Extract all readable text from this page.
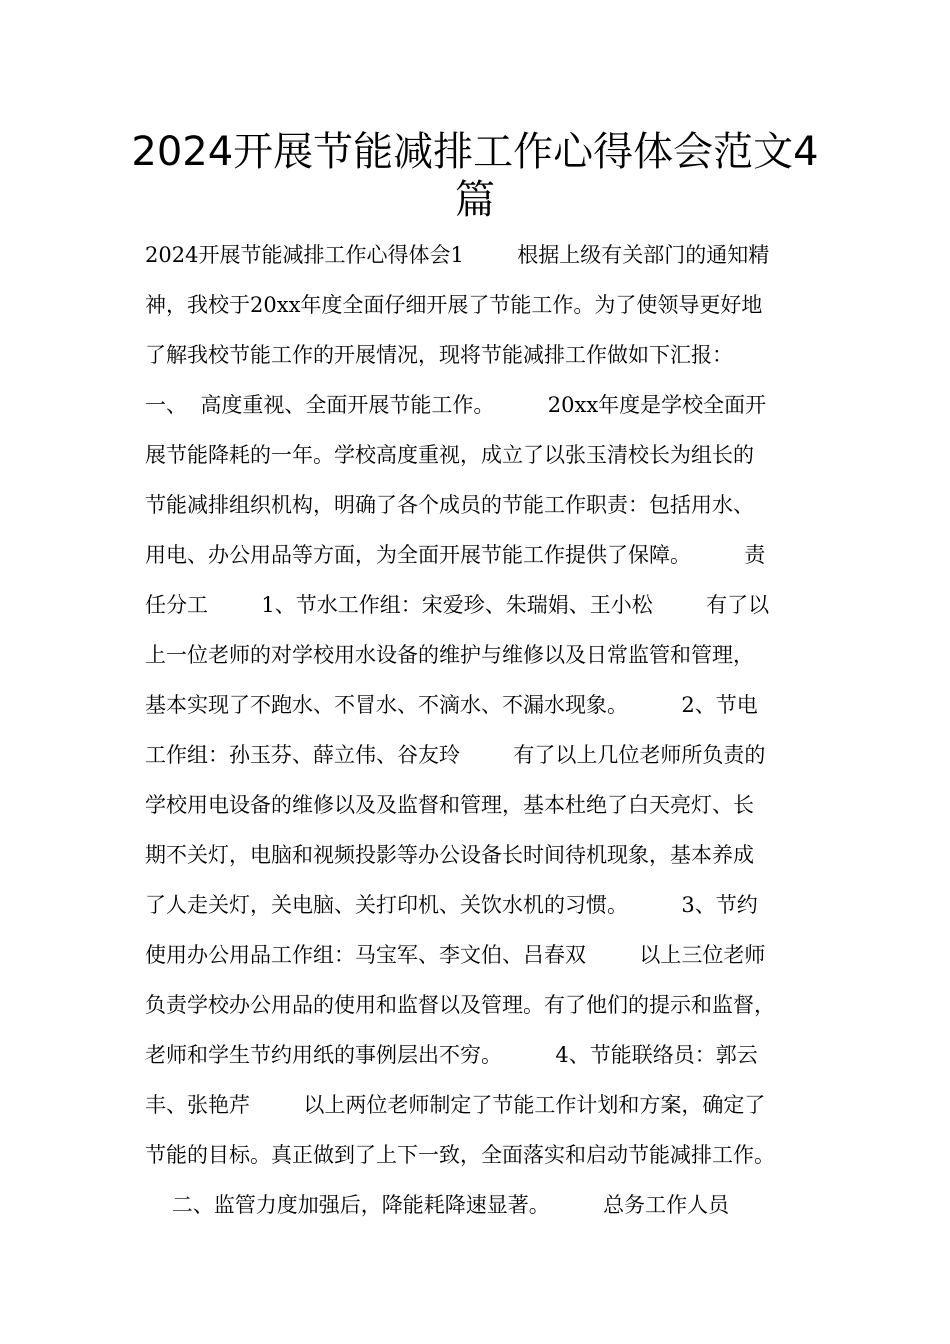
2024开展节能减排工作心得体会范文4
篇
2024开展节能减排工作心得体会1        根据上级有关部门的通知精
神，我校于20xx年度全面仔细开展了节能工作。为了使领导更好地
了解我校节能工作的开展情况，现将节能减排工作做如下汇报：
一、  高度重视、全面开展节能工作。        20xx年度是学校全面开
展节能降耗的一年。学校高度重视，成立了以张玉清校长为组长的
节能减排组织机构，明确了各个成员的节能工作职责：包括用水、
用电、办公用品等方面，为全面开展节能工作提供了保障。        责
任分工        1、节水工作组：宋爱珍、朱瑞娟、王小松        有了以
上一位老师的对学校用水设备的维护与维修以及日常监管和管理，
基本实现了不跑水、不冒水、不滴水、不漏水现象。        2、节电
工作组：孙玉芬、薛立伟、谷友玲        有了以上几位老师所负责的
学校用电设备的维修以及及监督和管理，基本杜绝了白天亮灯、长
期不关灯，电脑和视频投影等办公设备长时间待机现象，基本养成
了人走关灯，关电脑、关打印机、关饮水机的习惯。        3、节约
使用办公用品工作组：马宝军、李文伯、吕春双        以上三位老师
负责学校办公用品的使用和监督以及管理。有了他们的提示和监督，
老师和学生节约用纸的事例层出不穷。        4、节能联络员：郭云
丰、张艳芹        以上两位老师制定了节能工作计划和方案，确定了
节能的目标。真正做到了上下一致，全面落实和启动节能减排工作。
二、监管力度加强后，降能耗降速显著。        总务工作人员
